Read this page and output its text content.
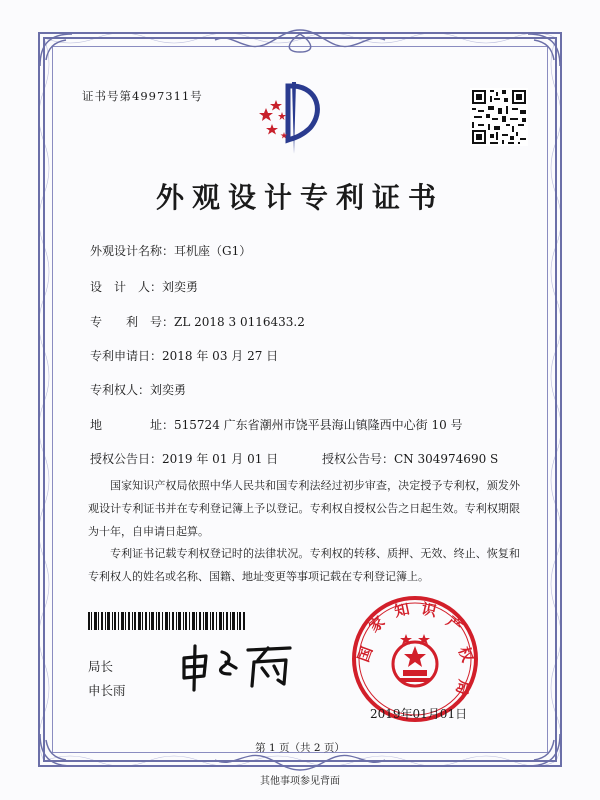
证书号第4997311号
外观设计专利证书
外观设计名称：耳机座（G1）
设　计　人：刘奕勇
专　　利　号：ZL 2018 3 0116433.2
专利申请日：2018 年 03 月 27 日
专利权人：刘奕勇
地　　　　址：515724 广东省潮州市饶平县海山镇隆西中心街 10 号
授权公告日：2019 年 01 月 01 日	授权公告号：CN 304974690 S
国家知识产权局依照中华人民共和国专利法经过初步审查，决定授予专利权，颁发外观设计专利证书并在专利登记簿上予以登记。专利权自授权公告之日起生效。专利权期限为十年，自申请日起算。
专利证书记载专利权登记时的法律状况。专利权的转移、质押、无效、终止、恢复和专利权人的姓名或名称、国籍、地址变更等事项记载在专利登记簿上。
局长
申长雨
国
家
知 识
产
权
局
2019年01月01日
第 1 页（共 2 页）
其他事项参见背面
